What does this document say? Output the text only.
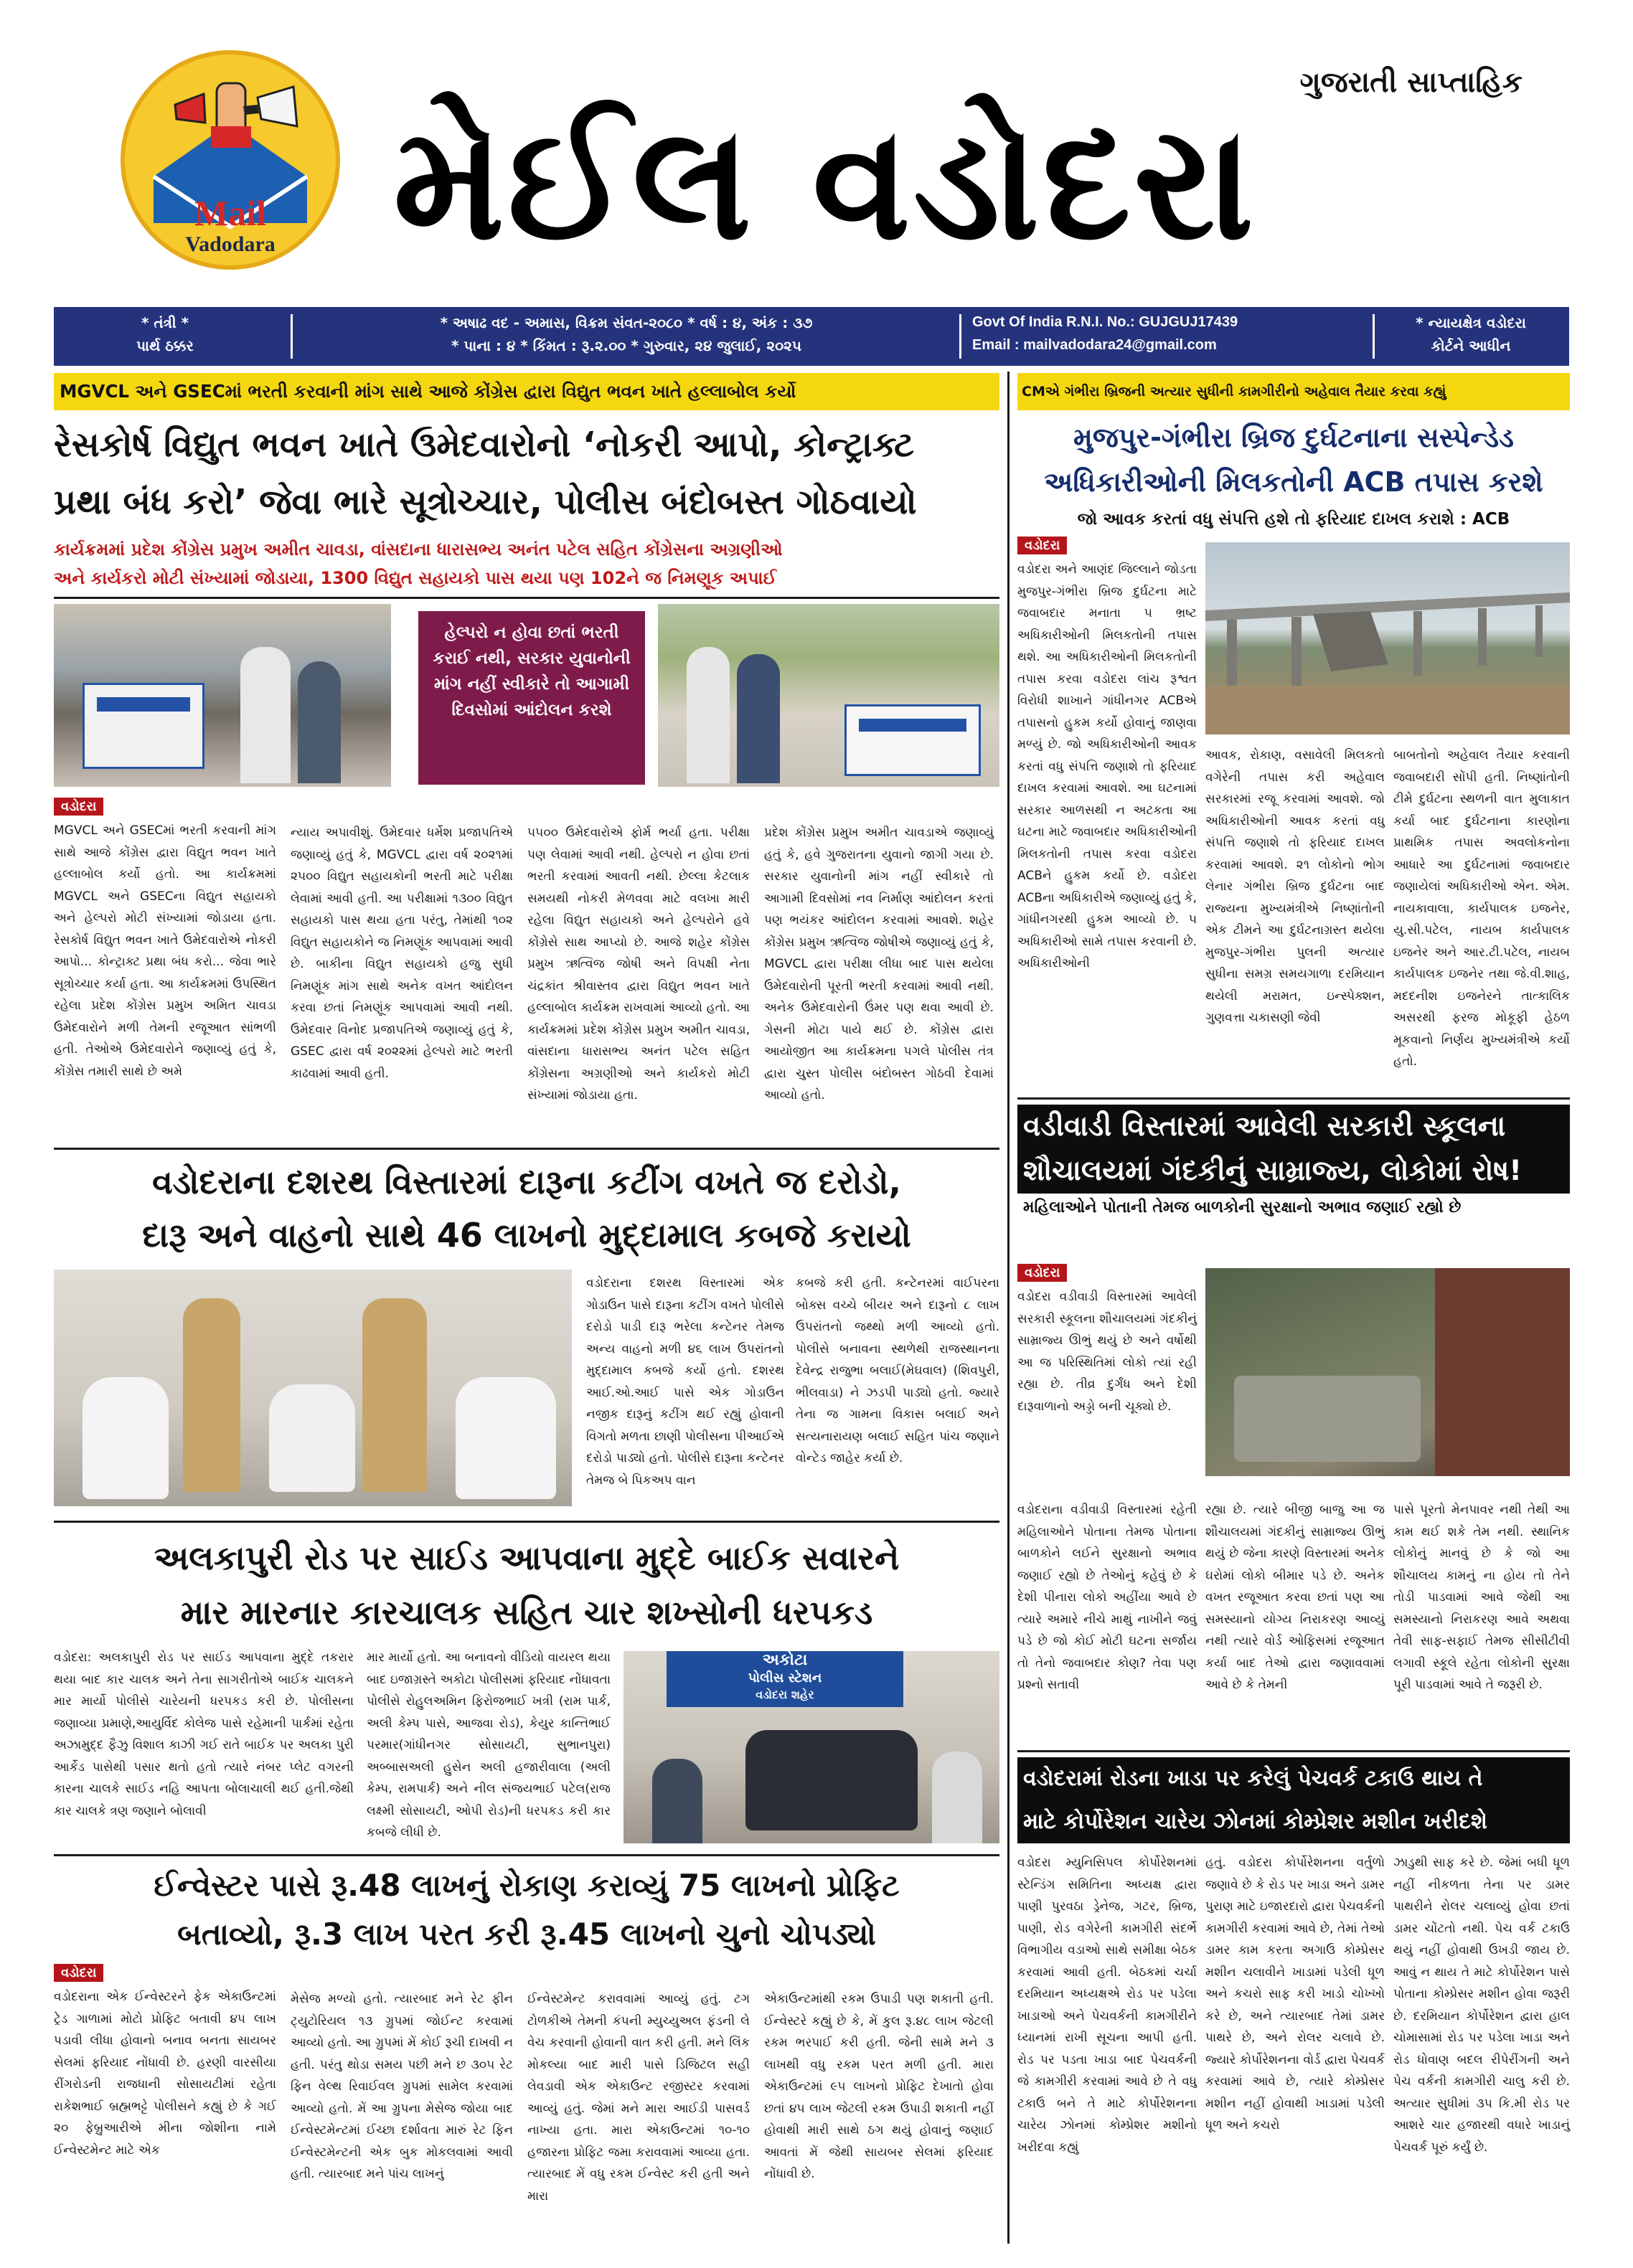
Mail
Vadodara
ગુજરાતી સાપ્તાહિક
મેઈલ વડોદરા
* તંત્રી *
પાર્થ ઠક્કર
* અષાઢ વદ - અમાસ, વિક્રમ સંવત-૨૦૮૦ * વર્ષ : ૪, અંક : ૩૭
* પાના : ૪ * કિંમત : રૂ.૨.૦૦ * ગુરુવાર, ૨૪ જુલાઈ, ૨૦૨૫
Govt Of India R.N.I. No.: GUJGUJ17439
Email : mailvadodara24@gmail.com
* ન્યાયક્ષેત્ર વડોદરા
કોર્ટને આધીન
MGVCL અને GSECમાં ભરતી કરવાની માંગ સાથે આજે કોંગ્રેસ દ્વારા વિદ્યુત ભવન ખાતે હલ્લાબોલ કર્યો
રેસકોર્ષ વિદ્યુત ભવન ખાતે ઉમેદવારોનો ‘નોકરી આપો, કોન્ટ્રાક્ટ
પ્રથા બંધ કરો’ જેવા ભારે સૂત્રોચ્ચાર, પોલીસ બંદોબસ્ત ગોઠવાયો
કાર્યક્રમમાં પ્રદેશ કોંગ્રેસ પ્રમુખ અમીત ચાવડા, વાંસદાના ધારાસભ્ય અનંત પટેલ સહિત કોંગ્રેસના અગ્રણીઓ
અને કાર્યકરો મોટી સંખ્યામાં જોડાયા, 1300 વિદ્યુત સહાયકો પાસ થયા પણ 102ને જ નિમણૂક અપાઈ
હેલ્પરો ન હોવા છતાં ભરતી કરાઈ નથી, સરકાર યુવાનોની માંગ નહીં સ્વીકારે તો આગામી દિવસોમાં આંદોલન કરશે
વડોદરા

MGVCL અને GSECમાં ભરતી કરવાની માંગ સાથે આજે કોંગ્રેસ દ્વારા વિદ્યુત ભવન ખાતે હલ્લાબોલ કર્યો હતો. આ કાર્યક્રમમાં MGVCL અને GSECના વિદ્યુત સહાયકો અને હેલ્પરો મોટી સંખ્યામાં જોડાયા હતા. રેસકોર્ષ વિદ્યુત ભવન ખાતે ઉમેદવારોએ નોકરી આપો... કોન્ટ્રાક્ટ પ્રથા બંધ કરો... જેવા ભારે સૂત્રોચ્ચાર કર્યા હતા. આ કાર્યક્રમમાં ઉપસ્થિત રહેલા પ્રદેશ કોંગ્રેસ પ્રમુખ અમિત ચાવડા ઉમેદવારોને મળી તેમની રજૂઆત સાંભળી હતી. તેઓએ ઉમેદવારોને જણાવ્યું હતું કે, કોંગ્રેસ તમારી સાથે છે અમે

ન્યાય અપાવીશું. ઉમેદવાર ધર્મેશ પ્રજાપતિએ જણાવ્યું હતું કે, MGVCL દ્વારા વર્ષ ૨૦૨૧માં ૨૫૦૦ વિદ્યુત સહાયકોની ભરતી માટે પરીક્ષા લેવામાં આવી હતી. આ પરીક્ષામાં ૧૩૦૦ વિદ્યુત સહાયકો પાસ થયા હતા પરંતુ, તેમાંથી ૧૦૨ વિદ્યુત સહાયકોને જ નિમણૂંક આપવામાં આવી છે. બાકીના વિદ્યુત સહાયકો હજુ સુધી નિમણૂંક માંગ સાથે અનેક વખત આંદોલન કરવા છતાં નિમણૂંક આપવામાં આવી નથી. ઉમેદવાર વિનોદ પ્રજાપતિએ જણાવ્યું હતું કે, GSEC દ્વારા વર્ષ ૨૦૨૨માં હેલ્પરો માટે ભરતી કાઢવામાં આવી હતી.

૫૫૦૦ ઉમેદવારોએ ફોર્મ ભર્યા હતા. પરીક્ષા પણ લેવામાં આવી નથી. હેલ્પરો ન હોવા છતાં ભરતી કરવામાં આવતી નથી. છેલ્લા કેટલાક સમયથી નોકરી મેળવવા માટે વલખા મારી રહેલા વિદ્યુત સહાયકો અને હેલ્પરોને હવે કોંગ્રેસે સાથ આપ્યો છે. આજે શહેર કોંગ્રેસ પ્રમુખ ઋત્વિજ જોષી અને વિપક્ષી નેતા ચંદ્રકાંત શ્રીવાસ્તવ દ્વારા વિદ્યુત ભવન ખાતે હલ્લાબોલ કાર્યક્રમ રાખવામાં આવ્યો હતો. આ કાર્યક્રમમાં પ્રદેશ કોંગ્રેસ પ્રમુખ અમીત ચાવડા, વાંસદાના ધારાસભ્ય અનંત પટેલ સહિત કોંગ્રેસના અગ્રણીઓ અને કાર્યકરો મોટી સંખ્યામાં જોડાયા હતા.

પ્રદેશ કોંગ્રેસ પ્રમુખ અમીત ચાવડાએ જણાવ્યું હતું કે, હવે ગુજરાતના યુવાનો જાગી ગયા છે. સરકાર યુવાનોની માંગ નહીં સ્વીકારે તો આગામી દિવસોમાં નવ નિર્માણ આંદોલન કરતાં પણ ભયંકર આંદોલન કરવામાં આવશે. શહેર કોંગ્રેસ પ્રમુખ ઋત્વિજ જોષીએ જણાવ્યું હતું કે, MGVCL દ્વારા પરીક્ષા લીધા બાદ પાસ થયેલા ઉમેદવારોની પૂરતી ભરતી કરવામાં આવી નથી. અનેક ઉમેદવારોની ઉંમર પણ થવા આવી છે. ગેસની મોટા પાયે થઈ છે. કોંગ્રેસ દ્વારા આયોજીત આ કાર્યક્રમના પગલે પોલીસ તંત્ર દ્વારા ચુસ્ત પોલીસ બંદોબસ્ત ગોઠવી દેવામાં આવ્યો હતો.

CMએ ગંભીરા બ્રિજની અત્યાર સુધીની કામગીરીનો અહેવાલ તૈયાર કરવા કહ્યું
મુજપુર-ગંભીરા બ્રિજ દુર્ઘટનાના સસ્પેન્ડેડ
અધિકારીઓની મિલકતોની ACB તપાસ કરશે
જો આવક કરતાં વધુ સંપત્તિ હશે તો ફરિયાદ દાખલ કરાશે : ACB
વડોદરા

વડોદરા અને આણંદ જિલ્લાને જોડતા મુજપુર-ગંભીરા બ્રિજ દુર્ઘટના માટે જવાબદાર મનાતા ૫ ભ્રષ્ટ અધિકારીઓની મિલકતોની તપાસ થશે. આ અધિકારીઓની મિલકતોની તપાસ કરવા વડોદરા લાંચ રૂશ્વત વિરોધી શાખાને ગાંધીનગર ACBએ તપાસનો હુકમ કર્યો હોવાનું જાણવા મળ્યું છે. જો અધિકારીઓની આવક કરતાં વધુ સંપત્તિ જણાશે તો ફરિયાદ દાખલ કરવામાં આવશે. આ ઘટનામાં સરકાર આળસથી ન અટકતા આ ઘટના માટે જવાબદાર અધિકારીઓની મિલકતોની તપાસ કરવા વડોદરા ACBને હુકમ કર્યો છે. વડોદરા ACBના અધિકારીએ જણાવ્યું હતું કે, ગાંધીનગરથી હુકમ આવ્યો છે. ૫ અધિકારીઓ સામે તપાસ કરવાની છે. અધિકારીઓની

આવક, રોકાણ, વસાવેલી મિલકતો વગેરેની તપાસ કરી અહેવાલ સરકારમાં રજૂ કરવામાં આવશે. જો અધિકારીઓની આવક કરતાં વધુ સંપત્તિ જણાશે તો ફરિયાદ દાખલ કરવામાં આવશે. ૨૧ લોકોનો ભોગ લેનાર ગંભીરા બ્રિજ દુર્ઘટના બાદ રાજ્યના મુખ્યમંત્રીએ નિષ્ણાંતોની એક ટીમને આ દુર્ઘટનાગ્રસ્ત થયેલા મુજપુર-ગંભીરા પુલની અત્યાર સુધીના સમગ્ર સમયગાળા દરમિયાન થયેલી મરામત, ઇન્સ્પેક્શન, ગુણવત્તા ચકાસણી જેવી

બાબતોનો અહેવાલ તૈયાર કરવાની જવાબદારી સોંપી હતી. નિષ્ણાંતોની ટીમે દુર્ઘટના સ્થળની વાત મુલાકાત કર્યા બાદ દુર્ઘટનાના કારણોના પ્રાથમિક તપાસ અવલોકનોના આધારે આ દુર્ઘટનામાં જવાબદાર જણાયેલાં અધિકારીઓ એન. એમ. નાયકાવાલા, કાર્યપાલક ઇજનેર, યુ.સી.પટેલ, નાયબ કાર્યપાલક ઇજનેર અને આર.ટી.પટેલ, નાયબ કાર્યપાલક ઇજનેર તથા જે.વી.શાહ, મદદનીશ ઇજનેરને તાત્કાલિક અસરથી ફરજ મોકૂફી હેઠળ મૂકવાનો નિર્ણય મુખ્યમંત્રીએ કર્યો હતો.

વડોદરાના દશરથ વિસ્તારમાં દારૂના કટીંગ વખતે જ દરોડો,
દારૂ અને વાહનો સાથે 46 લાખનો મુદ્દામાલ કબજે કરાયો

વડોદરાના દશરથ વિસ્તારમાં એક ગોડાઉન પાસે દારૂના કટીંગ વખતે પોલીસે દરોડો પાડી દારૂ ભરેલા કન્ટેનર તેમજ અન્ય વાહનો મળી ૪૬ લાખ ઉપરાંતનો મુદ્દામાલ કબજે કર્યો હતો. દશરથ આઈ.ઓ.આઈ પાસે એક ગોડાઉન નજીક દારૂનું કટીંગ થઈ રહ્યું હોવાની વિગતો મળતા છાણી પોલીસના પીઆઈએ દરોડો પાડ્યો હતો. પોલીસે દારૂના કન્ટેનર તેમજ બે પિકઅપ વાન

કબજે કરી હતી. કન્ટેનરમાં વાઈપરના બોક્સ વચ્ચે બીયર અને દારૂનો ૮ લાખ ઉપરાંતનો જથ્થો મળી આવ્યો હતો. પોલીસે બનાવના સ્થળેથી રાજસ્થાનના દેવેન્દ્ર રાજુભા બલાઈ(મેઘવાલ) (શિવપુરી, ભીલવાડા) ને ઝડપી પાડ્યો હતો. જ્યારે તેના જ ગામના વિકાસ બલાઈ અને સત્યનારાયણ બલાઈ સહિત પાંચ જણાને વોન્ટેડ જાહેર કર્યા છે.

વડીવાડી વિસ્તારમાં આવેલી સરકારી સ્કૂલના
શૌચાલયમાં ગંદકીનું સામ્રાજ્ય, લોકોમાં રોષ!
મહિલાઓને પોતાની તેમજ બાળકોની સુરક્ષાનો અભાવ જણાઈ રહ્યો છે
વડોદરા

વડોદરા વડીવાડી વિસ્તારમાં આવેલી સરકારી સ્કૂલના શૌચાલયમાં ગંદકીનું સામ્રાજ્ય ઊભું થયું છે અને વર્ષોથી આ જ પરિસ્થિતિમાં લોકો ત્યાં રહી રહ્યા છે. તીવ્ર દુર્ગંધ અને દેશી દારૂવાળાનો અડ્ડો બની ચૂક્યો છે.

વડોદરાના વડીવાડી વિસ્તારમાં રહેતી મહિલાઓને પોતાના તેમજ પોતાના બાળકોને લઈને સુરક્ષાનો અભાવ જણાઈ રહ્યો છે તેઓનું કહેવું છે કે દેશી પીનારા લોકો અહીંયા આવે છે ત્યારે અમારે નીચે માથું નાખીને જવું પડે છે જો કોઈ મોટી ઘટના સર્જાય તો તેનો જવાબદાર કોણ? તેવા પણ પ્રશ્નો સતાવી

રહ્યા છે. ત્યારે બીજી બાજુ આ જ શૌચાલયમાં ગંદકીનું સામ્રાજ્ય ઊભું થયું છે જેના કારણે વિસ્તારમાં અનેક ઘરોમાં લોકો બીમાર પડે છે. અનેક વખત રજૂઆત કરવા છતાં પણ આ સમસ્યાનો યોગ્ય નિરાકરણ આવ્યું નથી ત્યારે વોર્ડ ઓફિસમાં રજૂઆત કર્યા બાદ તેઓ દ્વારા જણાવવામાં આવે છે કે તેમની

પાસે પૂરતો મેનપાવર નથી તેથી આ કામ થઈ શકે તેમ નથી. સ્થાનિક લોકોનું માનવું છે કે જો આ શૌચાલય કામનું ના હોય તો તેને તોડી પાડવામાં આવે જેથી આ સમસ્યાનો નિરાકરણ આવે અથવા તેવી સાફ-સફાઈ તેમજ સીસીટીવી લગાવી સ્કૂલે રહેતા લોકોની સુરક્ષા પૂરી પાડવામાં આવે તે જરૂરી છે.

અલકાપુરી રોડ પર સાઈડ આપવાના મુદ્દે બાઈક સવારને
માર મારનાર કારચાલક સહિત ચાર શખ્સોની ધરપકડ

વડોદરા: અલકાપુરી રોડ પર સાઈડ આપવાના મુદ્દે તકરાર થયા બાદ કાર ચાલક અને તેના સાગરીતોએ બાઈક ચાલકને માર માર્યો પોલીસે ચારેયની ધરપકડ કરી છે. પોલીસના જણાવ્યા પ્રમાણે,આયુર્વિદ કોલેજ પાસે રહેમાની પાર્કમાં રહેતા અઝામુદ્દ ફૈઝુ વિશાલ કાઝી ગઈ રાતે બાઈક પર અલકા પુરી આર્કેડ પાસેથી પસાર થતો હતો ત્યારે નંબર પ્લેટ વગરની કારના ચાલકે સાઈડ નહિ આપતા બોલાચાલી થઈ હતી.જેથી કાર ચાલકે ત્રણ જણાને બોલાવી

માર માર્યો હતો. આ બનાવનો વીડિયો વાયરલ થયા બાદ ઇજાગ્રસ્તે અકોટા પોલીસમાં ફરિયાદ નોંધાવતા પોલીસે રોહુલઅમિન ફિરોજભાઈ ખત્રી (રામ પાર્ક, અલી કેમ્પ પાસે, આજવા રોડ), કેયુર કાન્તિભાઈ પરમાર(ગાંધીનગર સોસાયટી, સુભાનપુરા) અબ્બાસઅલી હુસેન અલી હજારીવાલા (અલી કેમ્પ, રામપાર્ક) અને નીલ સંજયભાઈ પટેલ(રાજ લક્ષ્મી સોસાયટી, ઓપી રોડ)ની ધરપકડ કરી કાર કબજે લીધી છે.

અકોટા
પોલીસ સ્ટેશન
વડોદરા શહેર
વડોદરામાં રોડના ખાડા પર કરેલું પેચવર્ક ટકાઉ થાય તે
માટે કોર્પોરેશન ચારેય ઝોનમાં કોમ્પ્રેશર મશીન ખરીદશે

વડોદરા મ્યુનિસિપલ કોર્પોરેશનમાં સ્ટેન્ડિંગ સમિતિના અધ્યક્ષ દ્વારા પાણી પુરવઠા ડ્રેનેજ, ગટર, બ્રિજ, પાણી, રોડ વગેરેની કામગીરી સંદર્ભે વિભાગીય વડાઓ સાથે સમીક્ષા બેઠક કરવામાં આવી હતી. બેઠકમાં ચર્ચા દરમિયાન અધ્યક્ષએ રોડ પર પડેલા ખાડાઓ અને પેચવર્કની કામગીરીને ધ્યાનમાં રાખી સૂચના આપી હતી. રોડ પર પડતા ખાડા બાદ પેચવર્કની જે કામગીરી કરવામાં આવે છે તે વધુ ટકાઉ બને તે માટે કોર્પોરેશનના ચારેય ઝોનમાં કોમ્પ્રેશર મશીનો ખરીદવા કહ્યું

હતું. વડોદરા કોર્પોરેશનના વર્તુળો જણાવે છે કે રોડ પર ખાડા અને ડામર પુરાણ માટે ઇજારદારો દ્વારા પેચવર્કની કામગીરી કરવામાં આવે છે, તેમાં તેઓ ડામર કામ કરતા અગાઉ કોમ્પ્રેસર મશીન ચલાવીને ખાડામાં પડેલી ધૂળ અને કચરો સાફ કરી ખાડો ચોખ્ખો કરે છે, અને ત્યારબાદ તેમાં ડામર પાથરે છે, અને રોલર ચલાવે છે. જ્યારે કોર્પોરેશનના વોર્ડ દ્વારા પેચવર્ક કરવામાં આવે છે, ત્યારે કોમ્પ્રેસર મશીન નહીં હોવાથી ખાડામાં પડેલી ધૂળ અને કચરો

ઝાડુથી સાફ કરે છે. જેમાં બધી ધૂળ નહીં નીકળતા તેના પર ડામર પાથરીને રોલર ચલાવ્યું હોવા છતાં ડામર ચોંટતો નથી. પેચ વર્ક ટકાઉ થયું નહીં હોવાથી ઉખડી જાય છે. આવું ન થાય તે માટે કોર્પોરેશન પાસે પોતાના કોમ્પ્રેસર મશીન હોવા જરૂરી છે. દરમિયાન કોર્પોરેશન દ્વારા હાલ ચોમાસામાં રોડ પર પડેલા ખાડા અને રોડ ધોવાણ બદલ રીપેરીંગની અને પેચ વર્કની કામગીરી ચાલુ કરી છે. અત્યાર સુધીમાં ૩૫ કિ.મી રોડ પર આશરે ચાર હજારથી વધારે ખાડાનું પેચવર્ક પૂરું કર્યું છે.

ઈન્વેસ્ટર પાસે રૂ.48 લાખનું રોકાણ કરાવ્યું 75 લાખનો પ્રોફિટ
બતાવ્યો, રૂ.3 લાખ પરત કરી રૂ.45 લાખનો ચુનો ચોપડ્યો
વડોદરા

વડોદરાના એક ઈન્વેસ્ટરને ફેક એકાઉન્ટમાં ટ્રેડ ગાળામાં મોટો પ્રોફિટ બતાવી ૪૫ લાખ પડાવી લીધા હોવાનો બનાવ બનતા સાયબર સેલમાં ફરિયાદ નોંધાવી છે. હરણી વારસીયા રીંગરોડની રાજધાની સોસાયટીમાં રહેતા રાકેશભાઈ બ્રહ્મભટ્ટે પોલીસને કહ્યું છે કે ગઈ ૨૦ ફેબ્રુઆરીએ મીના જોશીના નામે ઈન્વેસ્ટમેન્ટ માટે એક

મેસેજ મળ્યો હતો. ત્યારબાદ મને રેટ ફીન ટ્યુટોરિયલ ૧૩ ગ્રુપમાં જોઈન્ટ કરવામાં આવ્યો હતો. આ ગ્રુપમાં મેં કોઈ રૂચી દાખવી ન હતી. પરંતુ થોડા સમય પછી મને છ ૩૦૫ રેટ ફિન વેલ્થ રિવાઈવલ ગ્રુપમાં સામેલ કરવામાં આવ્યો હતો. મેં આ ગ્રુપના મેસેજ જોયા બાદ ઈન્વેસ્ટમેન્ટમાં ઈચ્છા દર્શાવતા મારું રેટ ફિન ઈન્વેસ્ટમેન્ટની એક બુક મોકલવામાં આવી હતી. ત્યારબાદ મને પાંચ લાખનું

ઈન્વેસ્ટમેન્ટ કરાવવામાં આવ્યું હતું. ટગ ટોળકીએ તેમની કંપની મ્યુચ્યુઅલ ફંડની લે વેચ કરવાની હોવાની વાત કરી હતી. મને લિંક મોકલ્યા બાદ મારી પાસે ડિજિટલ સહી લેવડાવી એક એકાઉન્ટ રજીસ્ટર કરવામાં આવ્યું હતું. જેમાં મને મારા આઈડી પાસવર્ડ નાખ્યા હતા. મારા એકાઉન્ટમાં ૧૦-૧૦ હજારના પ્રોફિટ જમા કરાવવામાં આવ્યા હતા. ત્યારબાદ મેં વધુ રકમ ઈન્વેસ્ટ કરી હતી અને મારા

એકાઉન્ટમાંથી રકમ ઉપાડી પણ શકાતી હતી. ઈન્વેસ્ટરે કહ્યું છે કે, મેં કુલ રૂ.૪૮ લાખ જેટલી રકમ ભરપાઈ કરી હતી. જેની સામે મને ૩ લાખથી વધુ રકમ પરત મળી હતી. મારા એકાઉન્ટમાં ૯૫ લાખનો પ્રોફિટ દેખાતો હોવા છતાં ૪૫ લાખ જેટલી રકમ ઉપાડી શકાતી નહીં હોવાથી મારી સાથે ઠગ થયું હોવાનું જણાઈ આવતાં મેં જેથી સાયબર સેલમાં ફરિયાદ નોંધાવી છે.
